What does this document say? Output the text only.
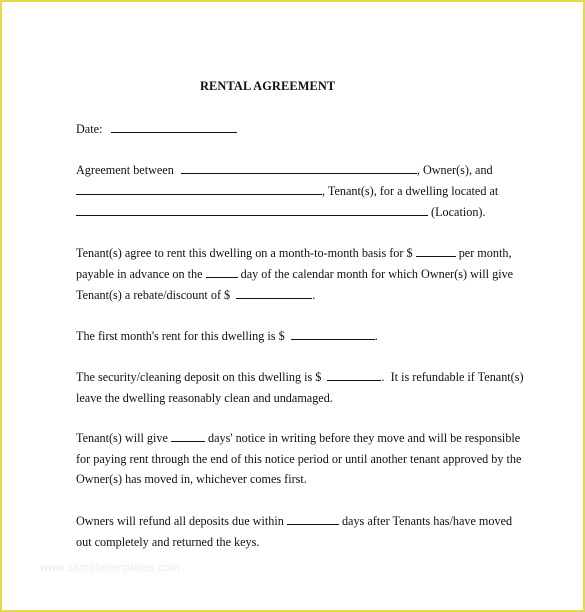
RENTAL AGREEMENT
Date:
Agreement between	, Owner(s), and
, Tenant(s), for a dwelling located at
(Location).
Tenant(s) agree to rent this dwelling on a month-to-month basis for $	per month,
payable in advance on the	day of the calendar month for which Owner(s) will give
Tenant(s) a rebate/discount of $	.
The first month's rent for this dwelling is $	.
The security/cleaning deposit on this dwelling is $	.  It is refundable if Tenant(s)
leave the dwelling reasonably clean and undamaged.
Tenant(s) will give	days' notice in writing before they move and will be responsible
for paying rent through the end of this notice period or until another tenant approved by the
Owner(s) has moved in, whichever comes first.
Owners will refund all deposits due within	days after Tenants has/have moved
out completely and returned the keys.
www.sampletemplates.com
